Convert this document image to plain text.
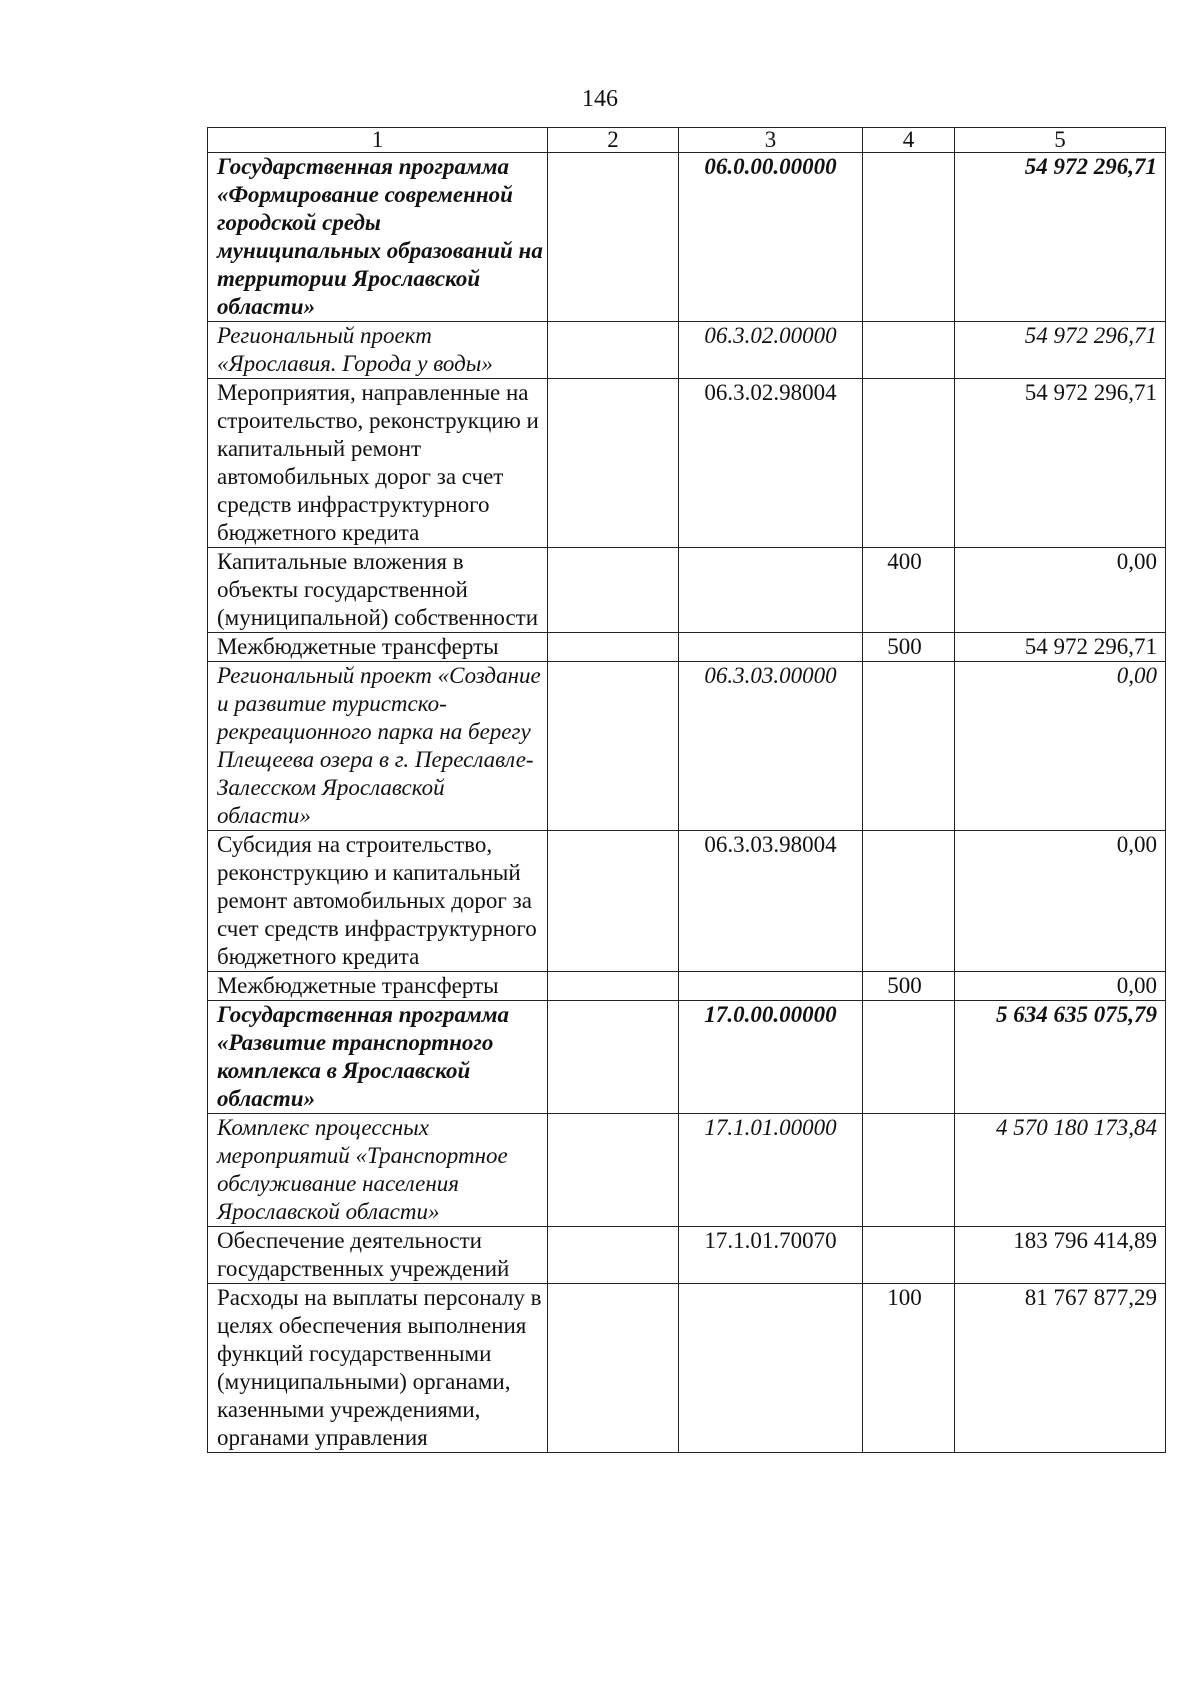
146
1	2	3	4	5
Государственная программа «Формирование современной городской среды муниципальных образований на территории Ярославской области»		06.0.00.00000		54 972 296,71
Региональный проект «Ярославия. Города у воды»		06.3.02.00000		54 972 296,71
Мероприятия, направленные на строительство, реконструкцию и капитальный ремонт автомобильных дорог за счет средств инфраструктурного бюджетного кредита		06.3.02.98004		54 972 296,71
Капитальные вложения в объекты государственной (муниципальной) собственности			400	0,00
Межбюджетные трансферты			500	54 972 296,71
Региональный проект «Создание и развитие туристско-рекреационного парка на берегу Плещеева озера в г. Переславле-Залесском Ярославской области»		06.3.03.00000		0,00
Субсидия на строительство, реконструкцию и капитальный ремонт автомобильных дорог за счет средств инфраструктурного бюджетного кредита		06.3.03.98004		0,00
Межбюджетные трансферты			500	0,00
Государственная программа «Развитие транспортного комплекса в Ярославской области»		17.0.00.00000		5 634 635 075,79
Комплекс процессных мероприятий «Транспортное обслуживание населения Ярославской области»		17.1.01.00000		4 570 180 173,84
Обеспечение деятельности государственных учреждений		17.1.01.70070		183 796 414,89
Расходы на выплаты персоналу в целях обеспечения выполнения функций государственными (муниципальными) органами, казенными учреждениями, органами управления			100	81 767 877,29
